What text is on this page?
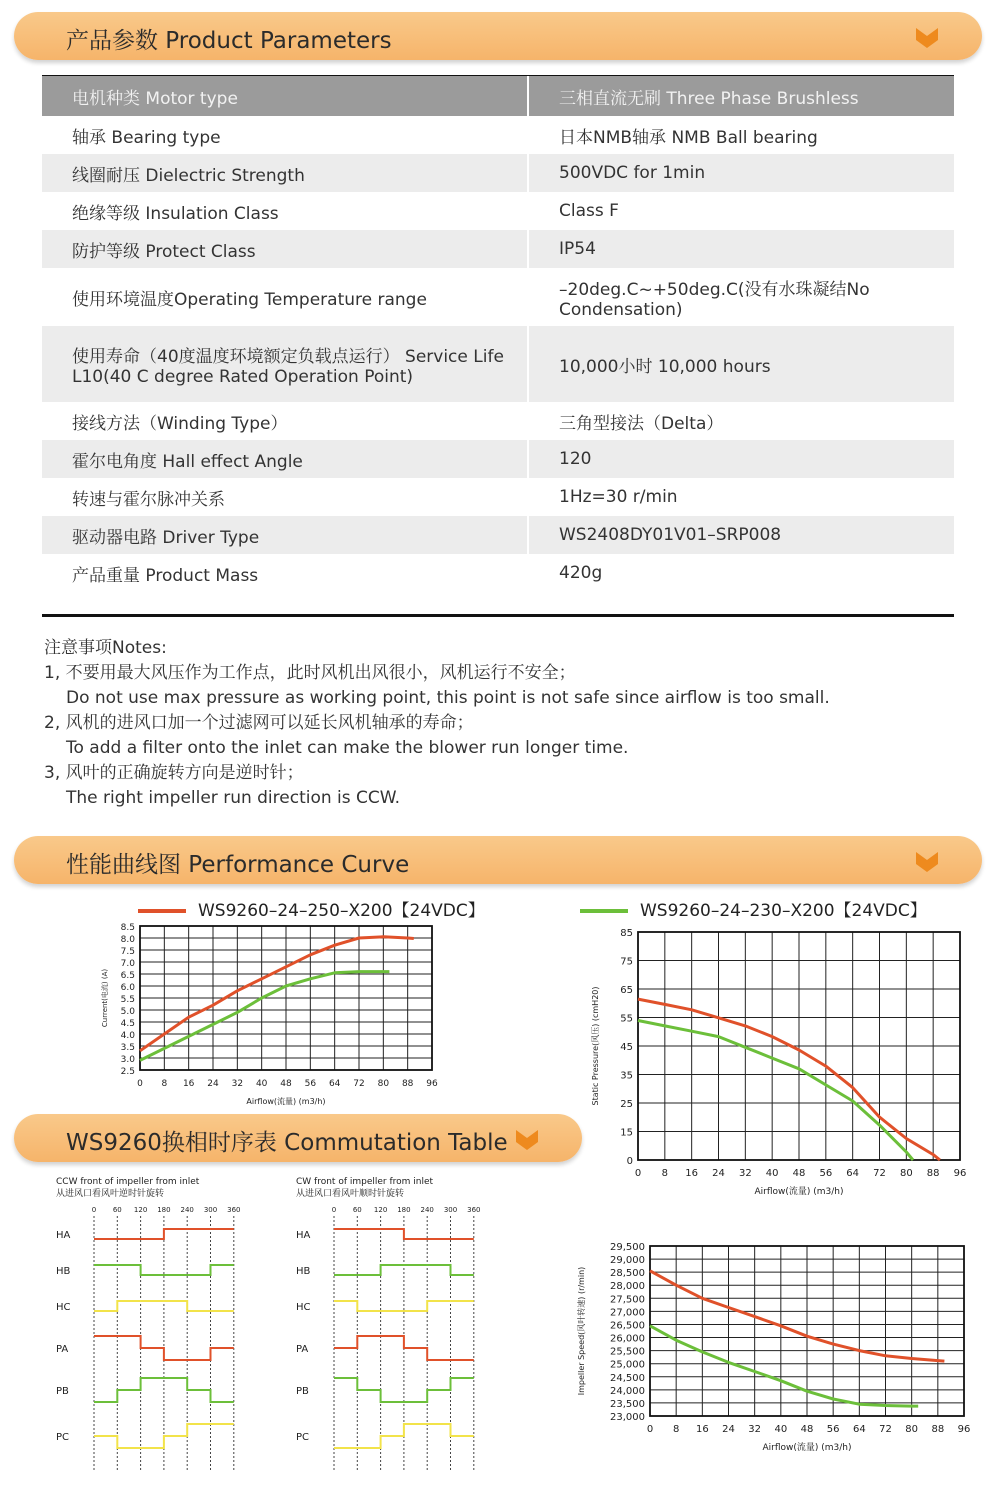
产品参数 Product Parameters
电机种类 Motor type	三相直流无刷 Three Phase Brushless
轴承 Bearing type	日本NMB轴承 NMB Ball bearing
线圈耐压 Dielectric Strength	500VDC for 1min
绝缘等级 Insulation Class	Class F
防护等级 Protect Class	IP54
使用环境温度Operating Temperature range	–20deg.C~+50deg.C(没有水珠凝结No Condensation)
使用寿命（40度温度环境额定负载点运行） Service Life L10(40 C degree Rated Operation Point)	10,000小时 10,000 hours
接线方法（Winding Type）	三角型接法（Delta）
霍尔电角度 Hall effect Angle	120
转速与霍尔脉冲关系	1Hz=30 r/min
驱动器电路 Driver Type	WS2408DY01V01–SRP008
产品重量 Product Mass	420g
注意事项Notes:
1, 不要用最大风压作为工作点，此时风机出风很小，风机运行不安全；
Do not use max pressure as working point, this point is not safe since airflow is too small.
2, 风机的进风口加一个过滤网可以延长风机轴承的寿命；
To add a filter onto the inlet can make the blower run longer time.
3, 风叶的正确旋转方向是逆时针；
The right impeller run direction is CCW.
性能曲线图 Performance Curve
WS9260–24–250–X200【24VDC】	WS9260–24–230–X200【24VDC】
0 8 16 24 32 40 48 56 64 72 80 88 96
2.5
3.0
3.5
4.0
4.5
5.0
5.5
6.0
6.5
7.0
7.5
8.0
8.5
Airflow(流量) (m3/h)
Current(电流) (A)
0 8 16 24 32 40 48 56 64 72 80 88 96
0
15
25
35
45
55
65
75
85
Airflow(流量) (m3/h)
Static Pressure(风压) (cmH20)
0 8 16 24 32 40 48 56 64 72 80 88 96
23,000
23,500
24,000
24,500
25,000
25,500
26,000
26,500
27,000
27,500
28,000
28,500
29,000
29,500
Airflow(流量) (m3/h)
Impeller Speed(风叶转速) (r/min)
WS9260换相时序表 Commutation Table
CCW front of impeller from inlet
从进风口看风叶逆时针旋转
0 60 120 180 240 300 360
HA
HB
HC
PA
PB
PC
CW front of impeller from inlet
从进风口看风叶顺时针旋转
0 60 120 180 240 300 360
HA
HB
HC
PA
PB
PC
